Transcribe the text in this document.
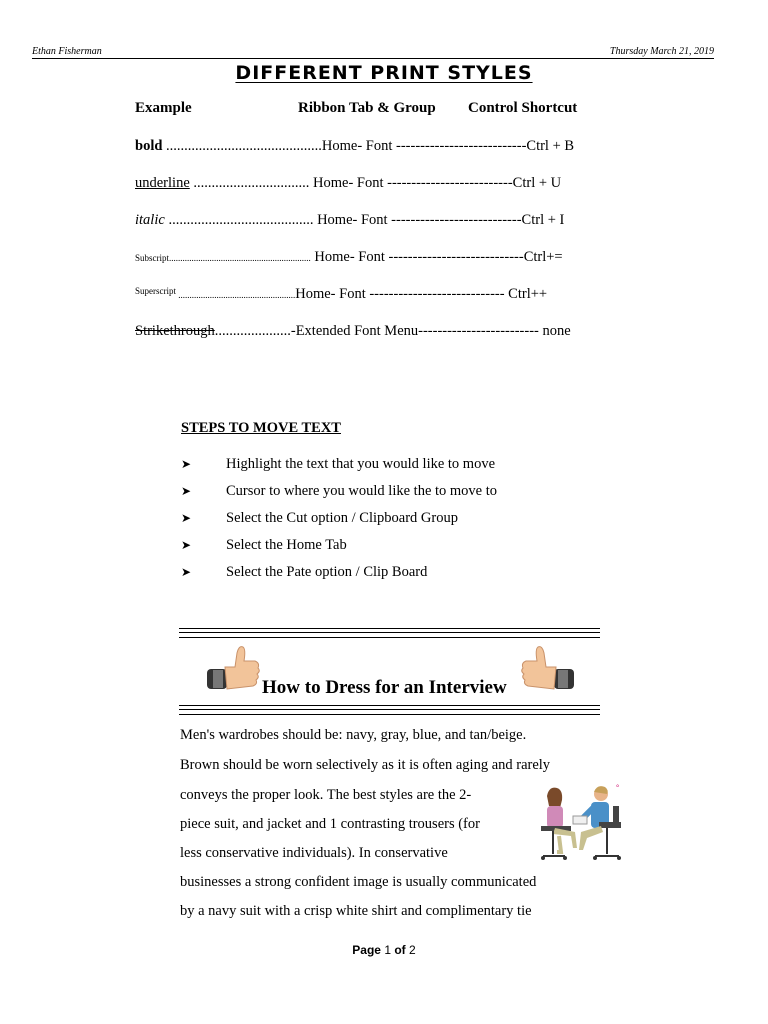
Ethan Fisherman	Thursday March 21, 2019
DIFFERENT PRINT STYLES
Example	Ribbon Tab & Group Control Shortcut
bold ...........................................Home- Font ---------------------------Ctrl + B
underline ................................ Home- Font --------------------------Ctrl + U
italic ........................................ Home- Font ---------------------------Ctrl + I
Subscript............................................................... Home- Font ----------------------------Ctrl+=
$^{Superscript}$ ....................................................Home- Font ---------------------------- Ctrl++
Strikethrough.....................-Extended Font Menu------------------------- none
STEPS TO MOVE TEXT
➤ Highlight the text that you would like to move
➤ Cursor to where you would like the to move to
➤ Select the Cut option / Clipboard Group
➤ Select the Home Tab
➤ Select the Pate option / Clip Board
How to Dress for an Interview
Men's wardrobes should be: navy, gray, blue, and tan/beige.
Brown should be worn selectively as it is often aging and rarely
conveys the proper look. The best styles are the 2-
piece suit, and jacket and 1 contrasting trousers (for
less conservative individuals). In conservative
businesses a strong confident image is usually communicated
by a navy suit with a crisp white shirt and complimentary tie
°
Page 1 of 2
